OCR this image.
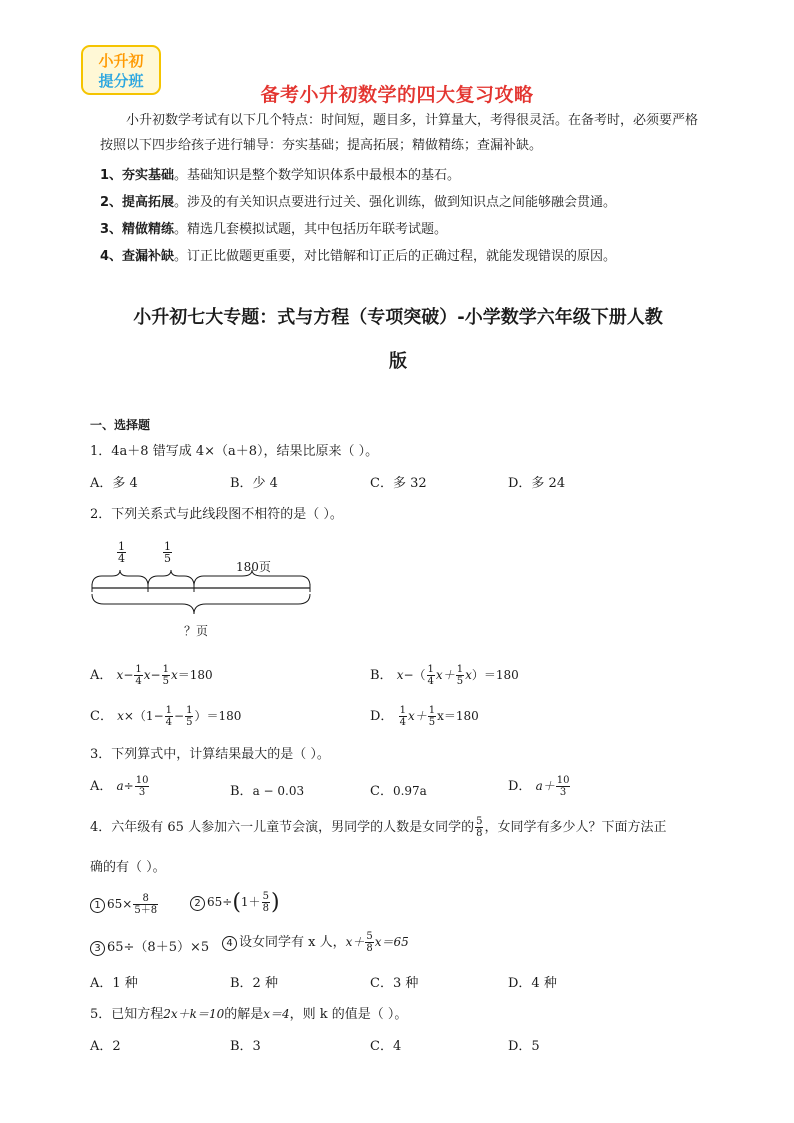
小升初
提分班
备考小升初数学的四大复习攻略
小升初数学考试有以下几个特点：时间短，题目多，计算量大，考得很灵活。在备考时，必须要严格按照以下四步给孩子进行辅导：夯实基础；提高拓展；精做精练；查漏补缺。
1、夯实基础。基础知识是整个数学知识体系中最根本的基石。
2、提高拓展。涉及的有关知识点要进行过关、强化训练，做到知识点之间能够融会贯通。
3、精做精练。精选几套模拟试题，其中包括历年联考试题。
4、查漏补缺。订正比做题更重要，对比错解和订正后的正确过程，就能发现错误的原因。
小升初七大专题：式与方程（专项突破）-小学数学六年级下册人教
版
一、选择题
1．4a＋8 错写成 4×（a＋8），结果比原来（ ）。
A．多 4	B．少 4	C．多 32	D．多 24
2．下列关系式与此线段图不相符的是（ ）。
$\frac{1}{4}$	$\frac{1}{5}$
180页
？页
A． $x- \frac{1}{4} x- \frac{1}{5} x=180$	B． $x-( \frac{1}{4} x+ \frac{1}{5} x)=180$
C． $x\times(1- \frac{1}{4} - \frac{1}{5} )=180$	D． $\frac{1}{4} x+ \frac{1}{5} x=180$
3．下列算式中，计算结果最大的是（ ）。
A． $a\div \frac{10}{3}$	B．a − 0.03	C．0.97a	D． $a+ \frac{10}{3}$
4．六年级有 65 人参加六一儿童节会演，男同学的人数是女同学的 $\frac{5}{8}$ ，女同学有多少人？下面方法正
确的有（ ）。
1 $65\times \frac{8}{5+8}$	2 $65\div(1+ \frac{5}{8}$ )
3 65÷（8＋5）×5	4 设女同学有 x 人，$x+ \frac{5}{8} x=65$
A．1 种	B．2 种	C．3 种	D．4 种
5．已知方程2x＋k＝10的解是x＝4，则 k 的值是（ ）。
A．2	B．3	C．4	D．5
